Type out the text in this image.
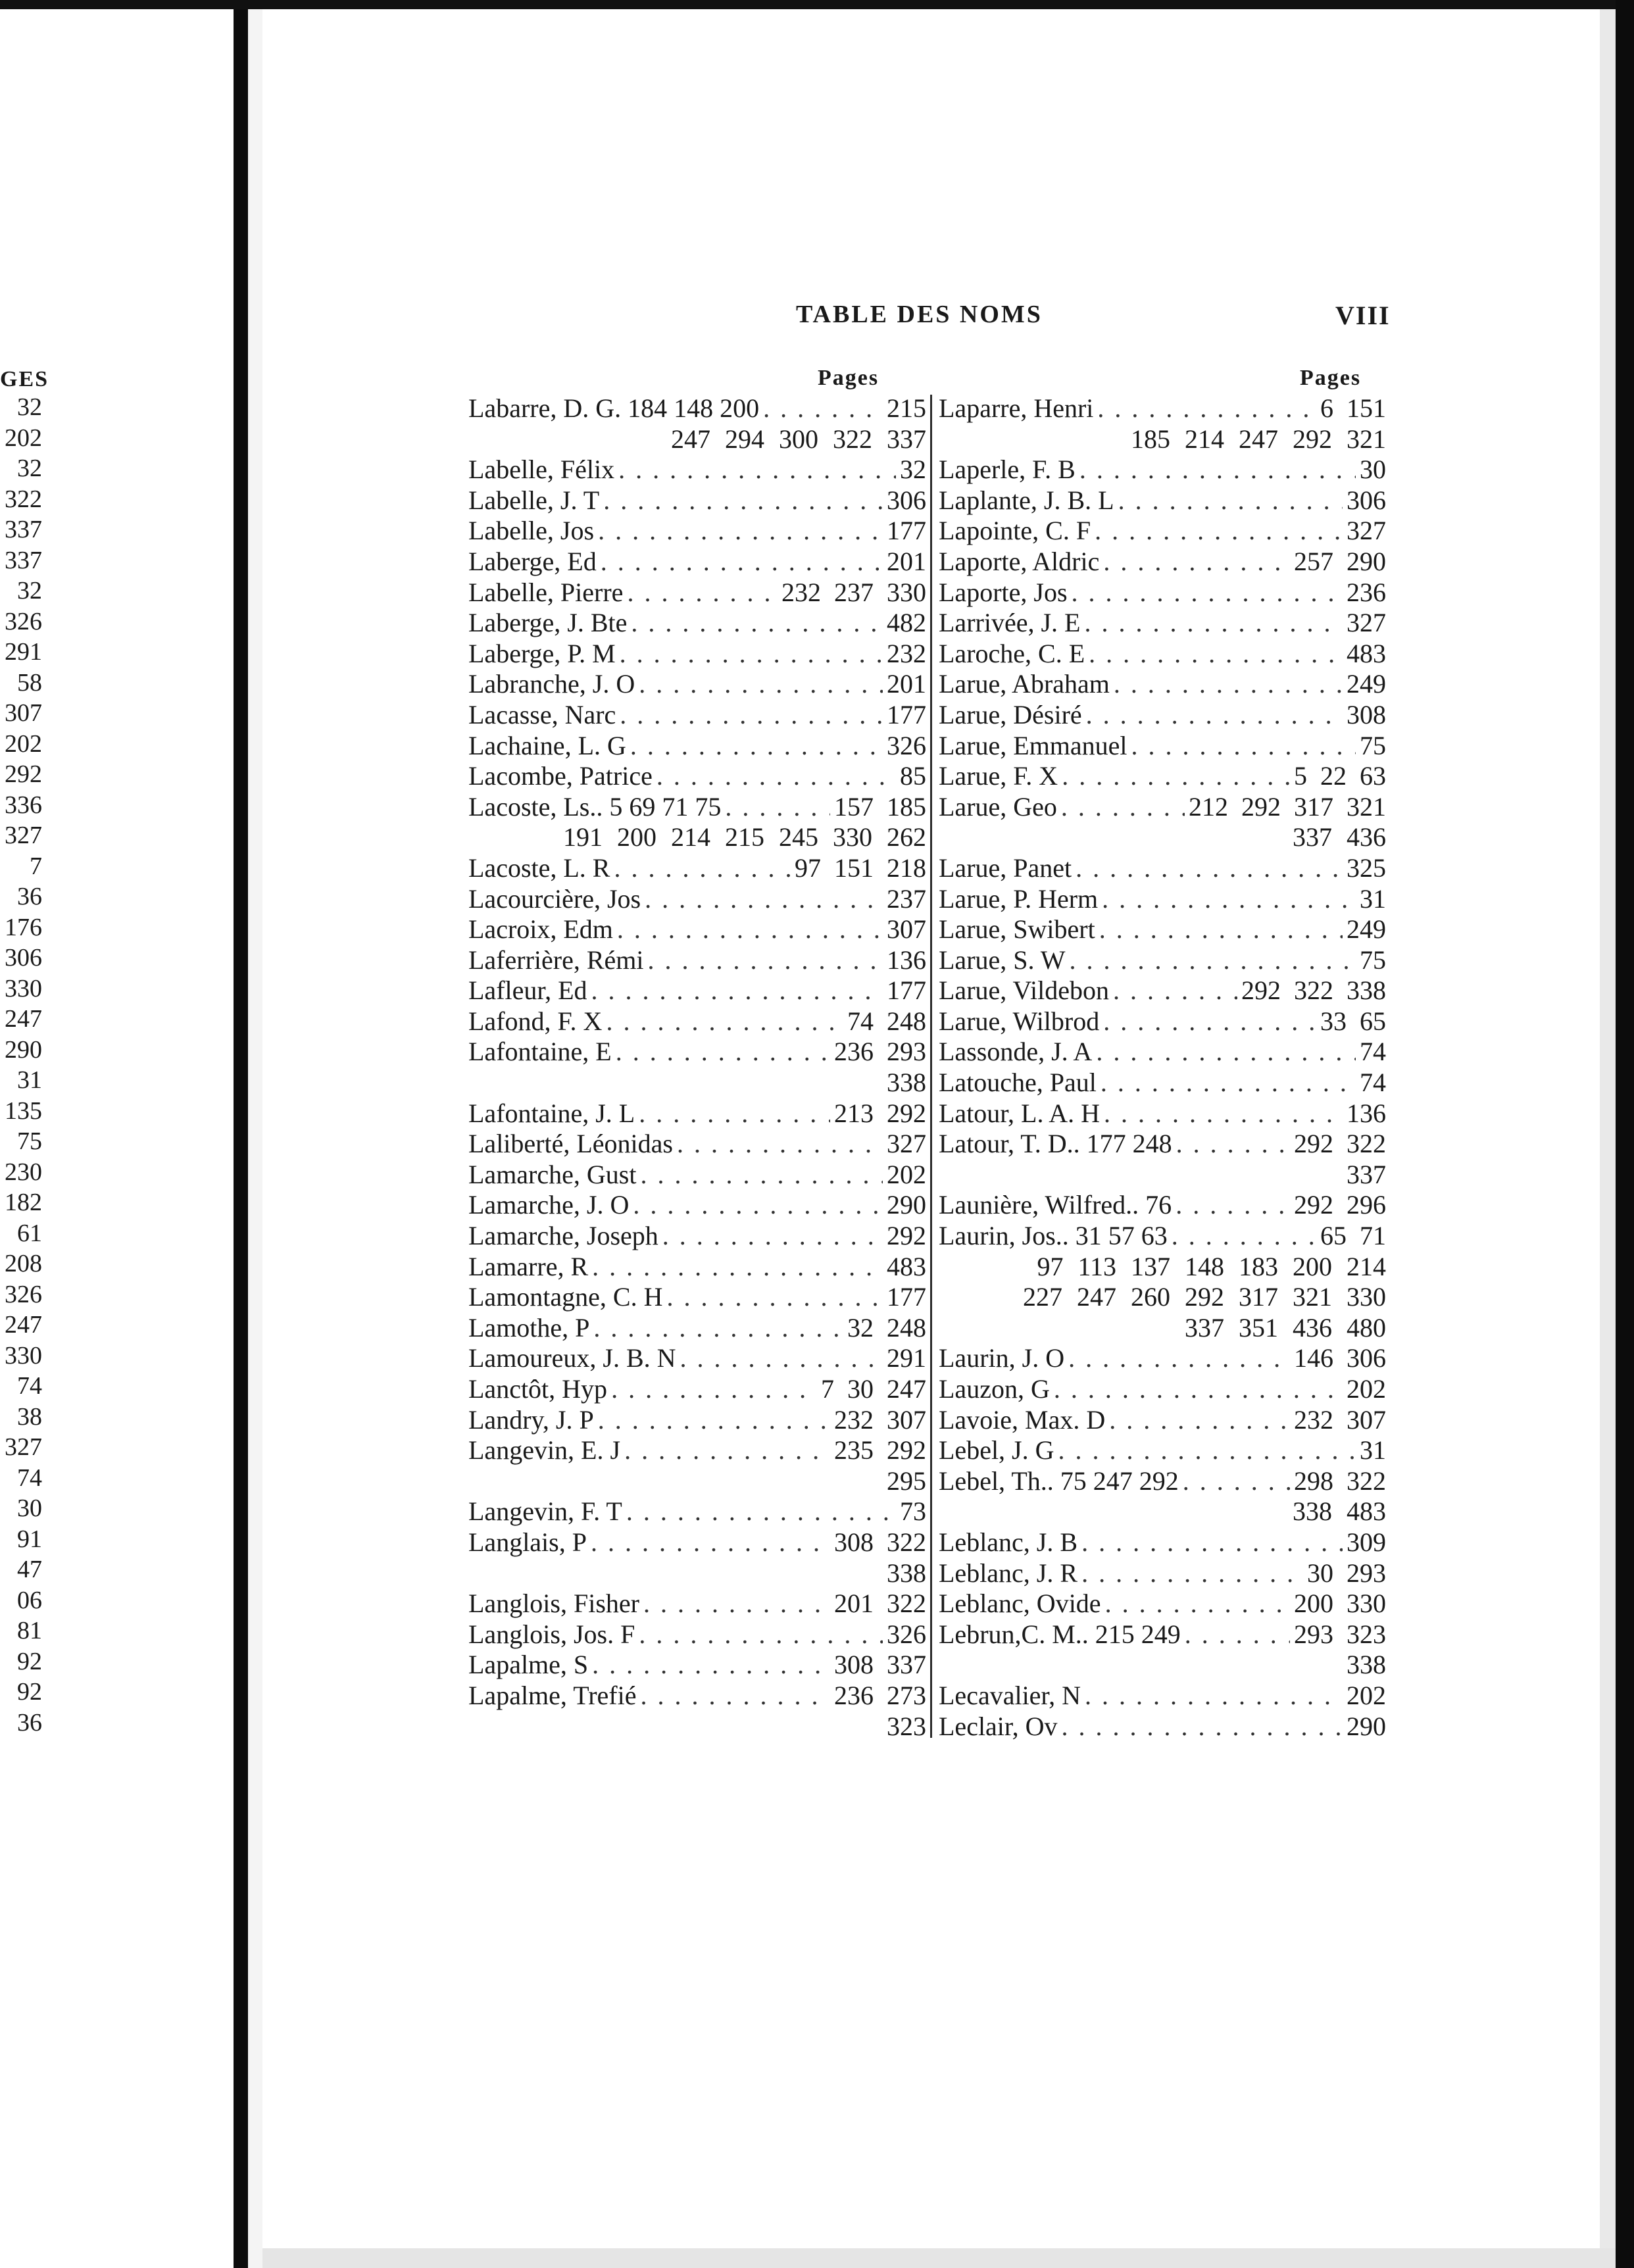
GES
32
202
32
322
337
337
32
326
291
58
307
202
292
336
327
7
36
176
306
330
247
290
31
135
75
230
182
61
208
326
247
330
74
38
327
74
30
91
47
06
81
92
92
36
TABLE DES NOMS	VIII
Pages	Pages
Labarre, D. G. 184 148 200 . . .	215
247 294 300 322 337
Labelle, Félix . . .	32
Labelle, J. T . . .	306
Labelle, Jos . . .	177
Laberge, Ed . . .	201
Labelle, Pierre . . .	232 237 330
Laberge, J. Bte . . .	482
Laberge, P. M . . .	232
Labranche, J. O . . .	201
Lacasse, Narc . . .	177
Lachaine, L. G . . .	326
Lacombe, Patrice . . .	85
Lacoste, Ls.. 5 69 71 75 . . .	157 185
191 200 214 215 245 330 262
Lacoste, L. R . . .	97 151 218
Lacourcière, Jos . . .	237
Lacroix, Edm . . .	307
Laferrière, Rémi . . .	136
Lafleur, Ed . . .	177
Lafond, F. X . . .	74 248
Lafontaine, E . . .	236 293
338
Lafontaine, J. L . . .	213 292
Laliberté, Léonidas . . .	327
Lamarche, Gust . . .	202
Lamarche, J. O . . .	290
Lamarche, Joseph . . .	292
Lamarre, R . . .	483
Lamontagne, C. H . . .	177
Lamothe, P . . .	32 248
Lamoureux, J. B. N . . .	291
Lanctôt, Hyp . . .	7 30 247
Landry, J. P . . .	232 307
Langevin, E. J . . .	235 292
295
Langevin, F. T . . .	73
Langlais, P . . .	308 322
338
Langlois, Fisher . . .	201 322
Langlois, Jos. F . . .	326
Lapalme, S . . .	308 337
Lapalme, Trefié . . .	236 273
323
Laparre, Henri . . .	6 151
185 214 247 292 321
Laperle, F. B . . .	30
Laplante, J. B. L . . .	306
Lapointe, C. F . . .	327
Laporte, Aldric . . .	257 290
Laporte, Jos . . .	236
Larrivée, J. E . . .	327
Laroche, C. E . . .	483
Larue, Abraham . . .	249
Larue, Désiré . . .	308
Larue, Emmanuel . . .	75
Larue, F. X . . .	5 22 63
Larue, Geo . . .	212 292 317 321
337 436
Larue, Panet . . .	325
Larue, P. Herm . . .	31
Larue, Swibert . . .	249
Larue, S. W . . .	75
Larue, Vildebon . . .	292 322 338
Larue, Wilbrod . . .	33 65
Lassonde, J. A . . .	74
Latouche, Paul . . .	74
Latour, L. A. H . . .	136
Latour, T. D.. 177 248 . . .	292 322
337
Launière, Wilfred.. 76 . . .	292 296
Laurin, Jos.. 31 57 63 . . .	65 71
97 113 137 148 183 200 214
227 247 260 292 317 321 330
337 351 436 480
Laurin, J. O . . .	146 306
Lauzon, G . . .	202
Lavoie, Max. D . . .	232 307
Lebel, J. G . . .	31
Lebel, Th.. 75 247 292 . . .	298 322
338 483
Leblanc, J. B . . .	309
Leblanc, J. R . . .	30 293
Leblanc, Ovide . . .	200 330
Lebrun,C. M.. 215 249 . . .	293 323
338
Lecavalier, N . . .	202
Leclair, Ov . . .	290
